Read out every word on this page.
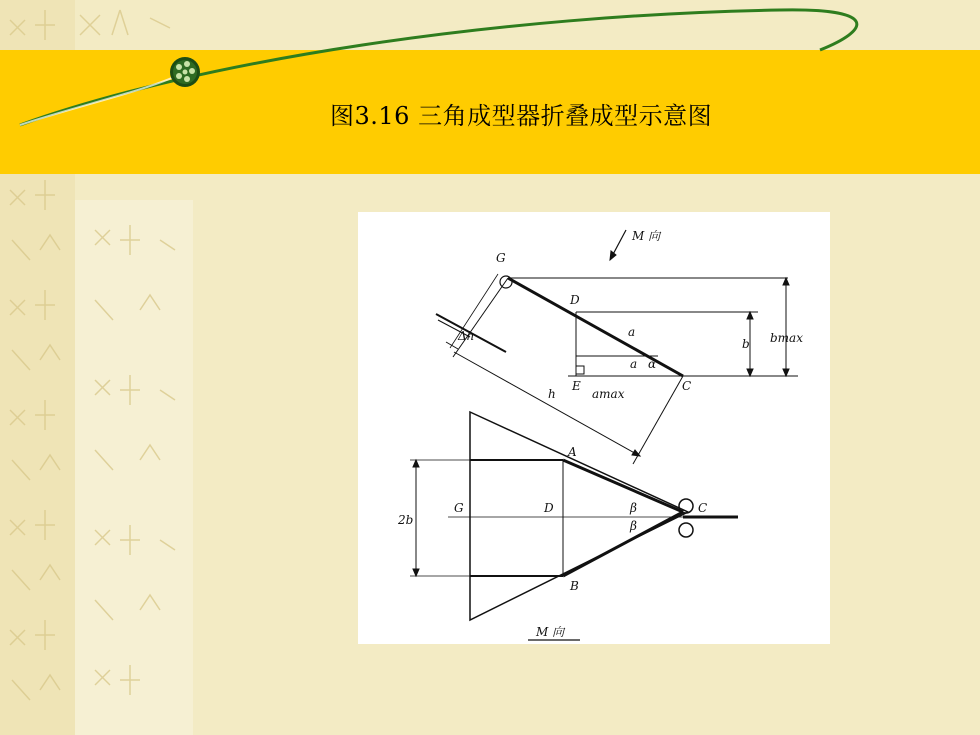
图3.16 三角成型器折叠成型示意图
M 向
G
D
a
a α
E	C
b bmax
Δh
h	amax
A
G	D	β
β
C
B
2b
M 向
